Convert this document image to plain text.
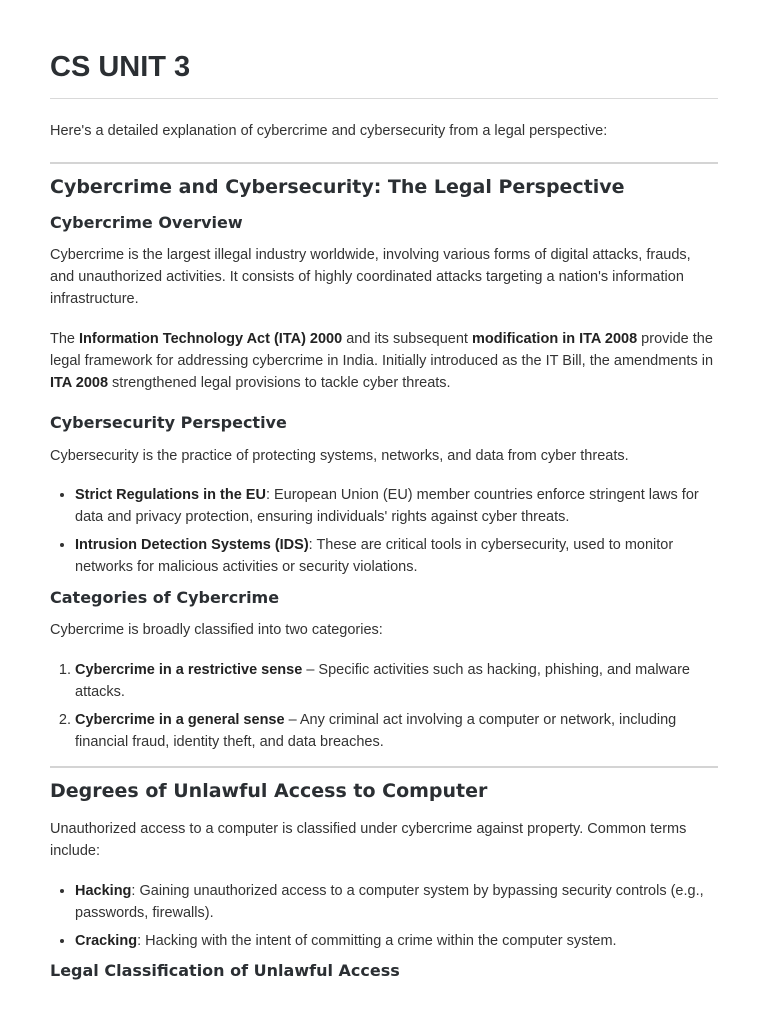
CS UNIT 3

Here's a detailed explanation of cybercrime and cybersecurity from a legal perspective:

Cybercrime and Cybersecurity: The Legal Perspective
Cybercrime Overview

Cybercrime is the largest illegal industry worldwide, involving various forms of digital attacks, frauds, and unauthorized activities. It consists of highly coordinated attacks targeting a nation's information infrastructure.

The Information Technology Act (ITA) 2000 and its subsequent modification in ITA 2008 provide the legal framework for addressing cybercrime in India. Initially introduced as the IT Bill, the amendments in ITA 2008 strengthened legal provisions to tackle cyber threats.

Cybersecurity Perspective

Cybersecurity is the practice of protecting systems, networks, and data from cyber threats.

• Strict Regulations in the EU: European Union (EU) member countries enforce stringent laws for data and privacy protection, ensuring individuals' rights against cyber threats.
• Intrusion Detection Systems (IDS): These are critical tools in cybersecurity, used to monitor networks for malicious activities or security violations.
Categories of Cybercrime

Cybercrime is broadly classified into two categories:

1. Cybercrime in a restrictive sense – Specific activities such as hacking, phishing, and malware attacks.
2. Cybercrime in a general sense – Any criminal act involving a computer or network, including financial fraud, identity theft, and data breaches.
Degrees of Unlawful Access to Computer

Unauthorized access to a computer is classified under cybercrime against property. Common terms include:

• Hacking: Gaining unauthorized access to a computer system by bypassing security controls (e.g., passwords, firewalls).
• Cracking: Hacking with the intent of committing a crime within the computer system.
Legal Classification of Unlawful Access
